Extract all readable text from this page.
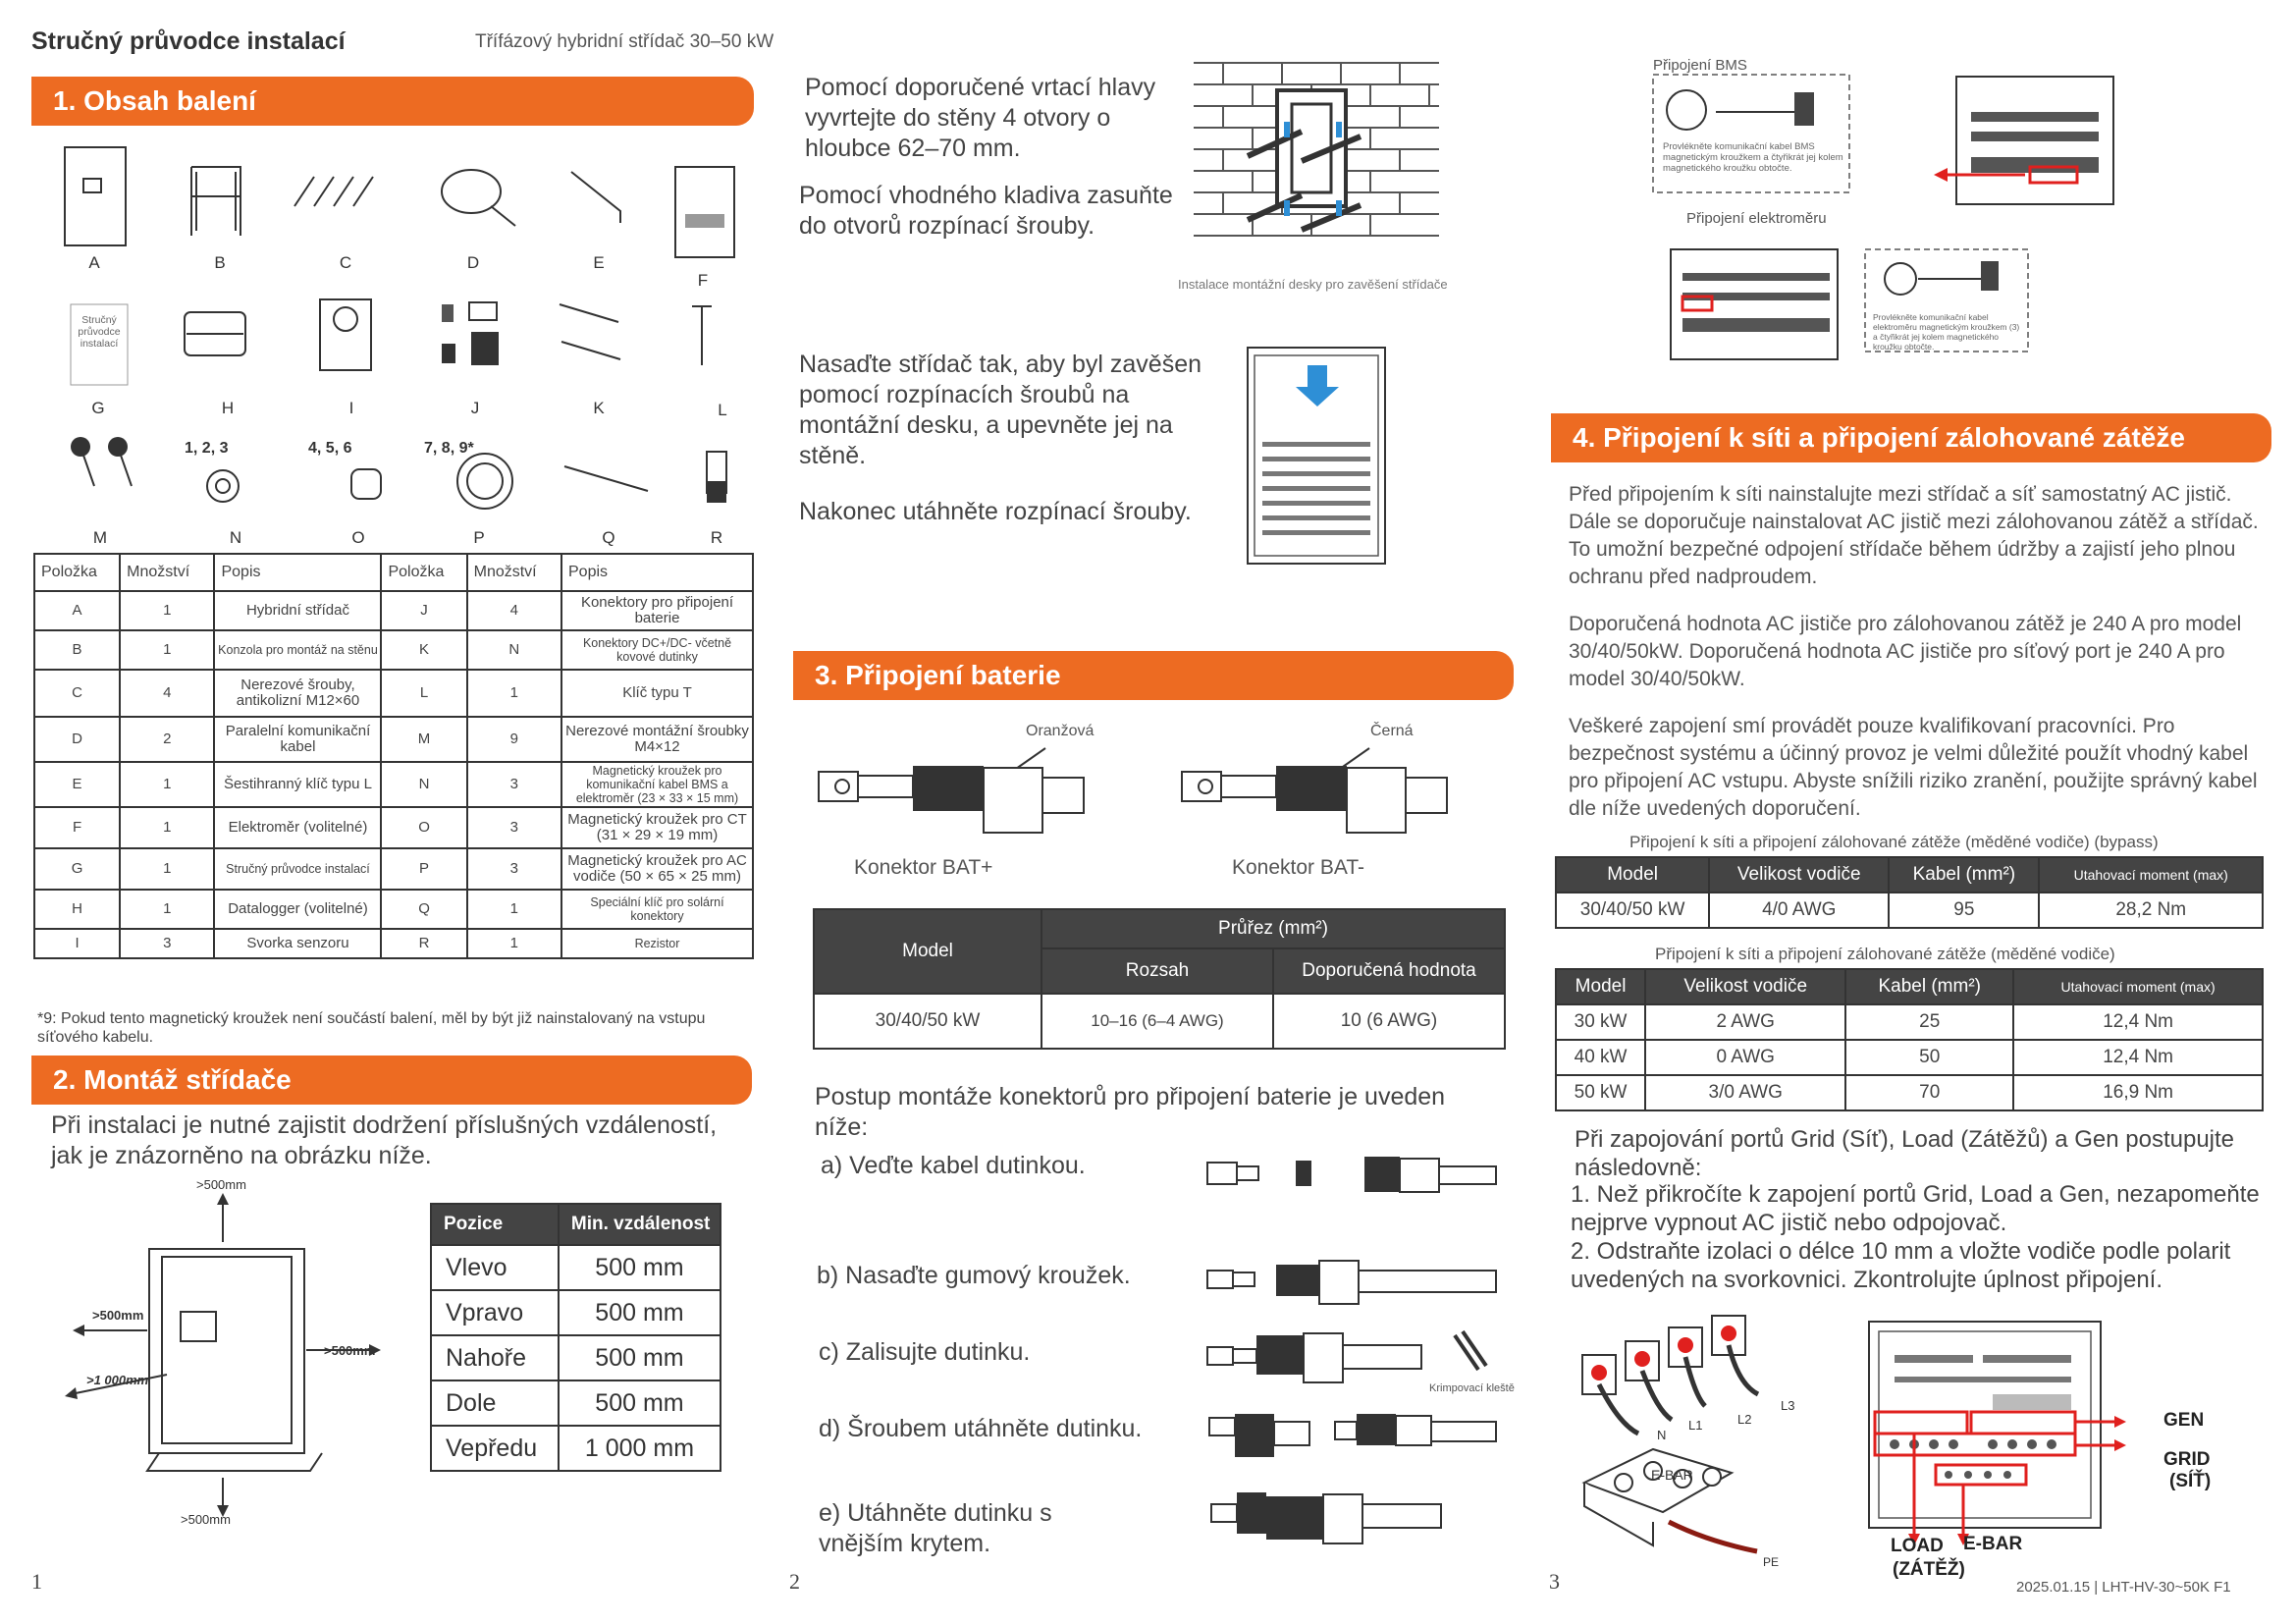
Stručný průvodce instalací	Třífázový hybridní střídač 30–50 kW
1. Obsah balení
Stručný průvodce instalací
A	B	C	D	E
F
G	H	I	J	K	L
M	N	O	P	Q	R
1, 2, 3	4, 5, 6	7, 8, 9*
Položka	Množství	Popis	Položka	Množství	Popis
A	1	Hybridní střídač	J	4	Konektory pro připojení baterie
B	1	Konzola pro montáž na stěnu	K	N	Konektory DC+/DC- včetně kovové dutinky
C	4	Nerezové šrouby, antikolizní M12×60	L	1	Klíč typu T
D	2	Paralelní komunikační kabel	M	9	Nerezové montážní šroubky M4×12
E	1	Šestihranný klíč typu L	N	3	Magnetický kroužek pro komunikační kabel BMS a elektroměr (23 × 33 × 15 mm)
F	1	Elektroměr (volitelné)	O	3	Magnetický kroužek pro CT (31 × 29 × 19 mm)
G	1	Stručný průvodce instalací	P	3	Magnetický kroužek pro AC vodiče (50 × 65 × 25 mm)
H	1	Datalogger (volitelné)	Q	1	Speciální klíč pro solární konektory
I	3	Svorka senzoru	R	1	Rezistor
*9: Pokud tento magnetický kroužek není součástí balení, měl by být již nainstalovaný na vstupu síťového kabelu.
2. Montáž střídače
Při instalaci je nutné zajistit dodržení příslušných vzdáleností, jak je znázorněno na obrázku níže.
>500mm
>500mm
>500mm
>1 000mm
>500mm
Pozice	Min. vzdálenost
Vlevo	500 mm
Vpravo	500 mm
Nahoře	500 mm
Dole	500 mm
Vepředu	1 000 mm
1
Pomocí doporučené vrtací hlavy vyvrtejte do stěny 4 otvory o hloubce 62–70 mm.
Pomocí vhodného kladiva zasuňte do otvorů rozpínací šrouby.
Instalace montážní desky pro zavěšení střídače
Nasaďte střídač tak, aby byl zavěšen pomocí rozpínacích šroubů na montážní desku, a upevněte jej na stěně.
Nakonec utáhněte rozpínací šrouby.
3. Připojení baterie
Oranžová	Černá
Konektor BAT+	Konektor BAT-
Model	Průřez (mm²)	
	Rozsah	Doporučená hodnota
30/40/50 kW	10–16 (6–4 AWG)	10 (6 AWG)
Postup montáže konektorů pro připojení baterie je uveden níže:
a) Veďte kabel dutinkou.
b) Nasaďte gumový kroužek.
c) Zalisujte dutinku.
d) Šroubem utáhněte dutinku.
e) Utáhněte dutinku s vnějším krytem.
Krimpovací kleště
2
Připojení BMS
Provlékněte komunikační kabel BMS magnetickým kroužkem a čtyřikrát jej kolem magnetického kroužku obtočte.
Připojení elektroměru
Provlékněte komunikační kabel elektroměru magnetickým kroužkem (3) a čtyřikrát jej kolem magnetického kroužku obtočte.
4. Připojení k síti a připojení zálohované zátěže
Před připojením k síti nainstalujte mezi střídač a síť samostatný AC jistič. Dále se doporučuje nainstalovat AC jistič mezi zálohovanou zátěž a střídač. To umožní bezpečné odpojení střídače během údržby a zajistí jeho plnou ochranu před nadproudem.
Doporučená hodnota AC jističe pro zálohovanou zátěž je 240 A pro model 30/40/50kW. Doporučená hodnota AC jističe pro síťový port je 240 A pro model 30/40/50kW.
Veškeré zapojení smí provádět pouze kvalifikovaní pracovníci. Pro bezpečnost systému a účinný provoz je velmi důležité použít vhodný kabel pro připojení AC vstupu. Abyste snížili riziko zranění, použijte správný kabel dle níže uvedených doporučení.
Připojení k síti a připojení zálohované zátěže (měděné vodiče) (bypass)
Model	Velikost vodiče	Kabel (mm²)	Utahovací moment (max)
30/40/50 kW	4/0 AWG	95	28,2 Nm
Připojení k síti a připojení zálohované zátěže (měděné vodiče)
Model	Velikost vodiče	Kabel (mm²)	Utahovací moment (max)
30 kW	2 AWG	25	12,4 Nm
40 kW	0 AWG	50	12,4 Nm
50 kW	3/0 AWG	70	16,9 Nm
Při zapojování portů Grid (Síť), Load (Zátěžů) a Gen postupujte následovně:
1. Než přikročíte k zapojení portů Grid, Load a Gen, nezapomeňte nejprve vypnout AC jistič nebo odpojovač.
2. Odstraňte izolaci o délce 10 mm a vložte vodiče podle polarit uvedených na svorkovnici. Zkontrolujte úplnost připojení.
N
L1	L2
L3
E-BAR
PE
GEN
GRID
(SÍŤ)
LOAD
(ZÁTĚŽ)
E-BAR
3	2025.01.15 | LHT-HV-30~50K F1
